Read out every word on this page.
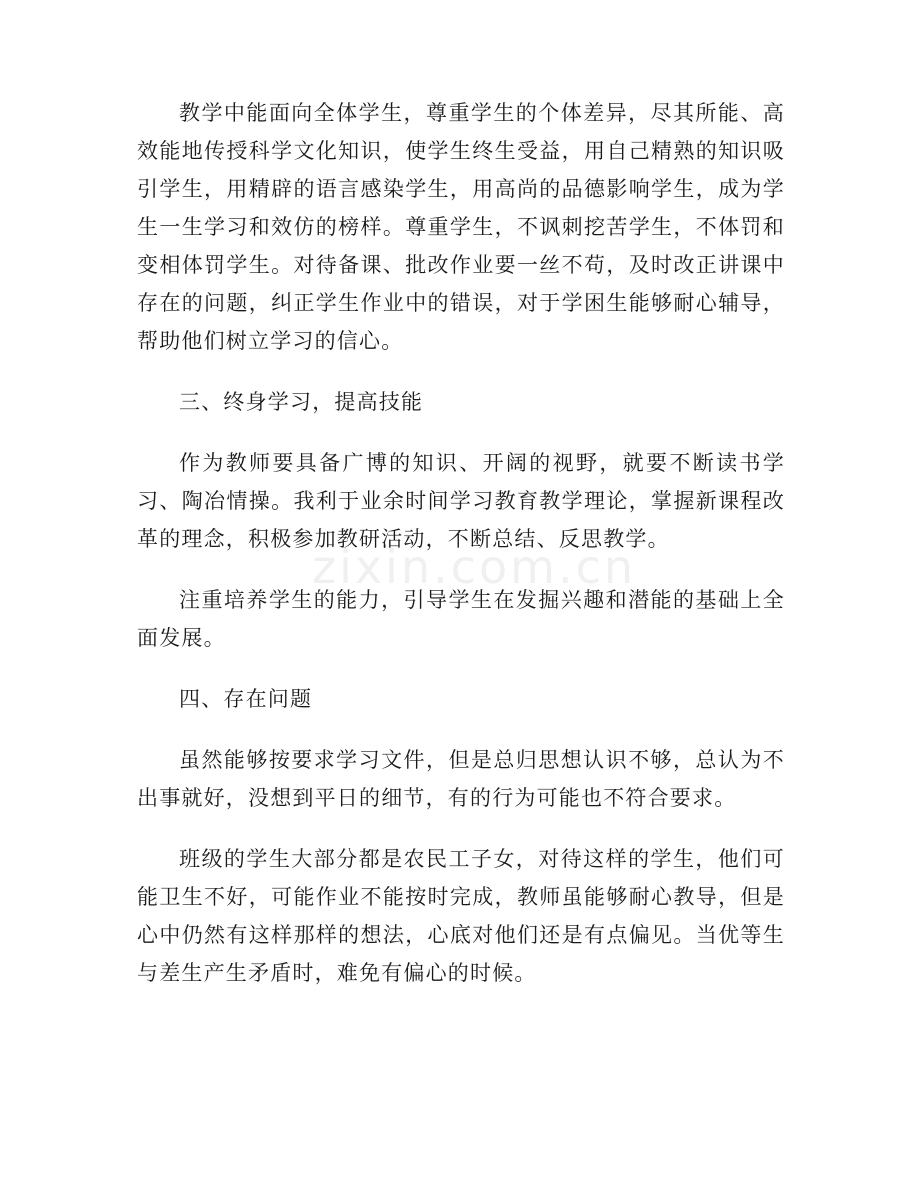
教学中能面向全体学生，尊重学生的个体差异，尽其所能、高效能地传授科学文化知识，使学生终生受益，用自己精熟的知识吸引学生，用精辟的语言感染学生，用高尚的品德影响学生，成为学生一生学习和效仿的榜样。尊重学生，不讽刺挖苦学生，不体罚和变相体罚学生。对待备课、批改作业要一丝不苟，及时改正讲课中存在的问题，纠正学生作业中的错误，对于学困生能够耐心辅导，帮助他们树立学习的信心。

三、终身学习，提高技能

作为教师要具备广博的知识、开阔的视野，就要不断读书学习、陶冶情操。我利于业余时间学习教育教学理论，掌握新课程改革的理念，积极参加教研活动，不断总结、反思教学。

注重培养学生的能力，引导学生在发掘兴趣和潜能的基础上全面发展。

四、存在问题

虽然能够按要求学习文件，但是总归思想认识不够，总认为不出事就好，没想到平日的细节，有的行为可能也不符合要求。

班级的学生大部分都是农民工子女，对待这样的学生，他们可能卫生不好，可能作业不能按时完成，教师虽能够耐心教导，但是心中仍然有这样那样的想法，心底对他们还是有点偏见。当优等生与差生产生矛盾时，难免有偏心的时候。

zixin.com.cn
